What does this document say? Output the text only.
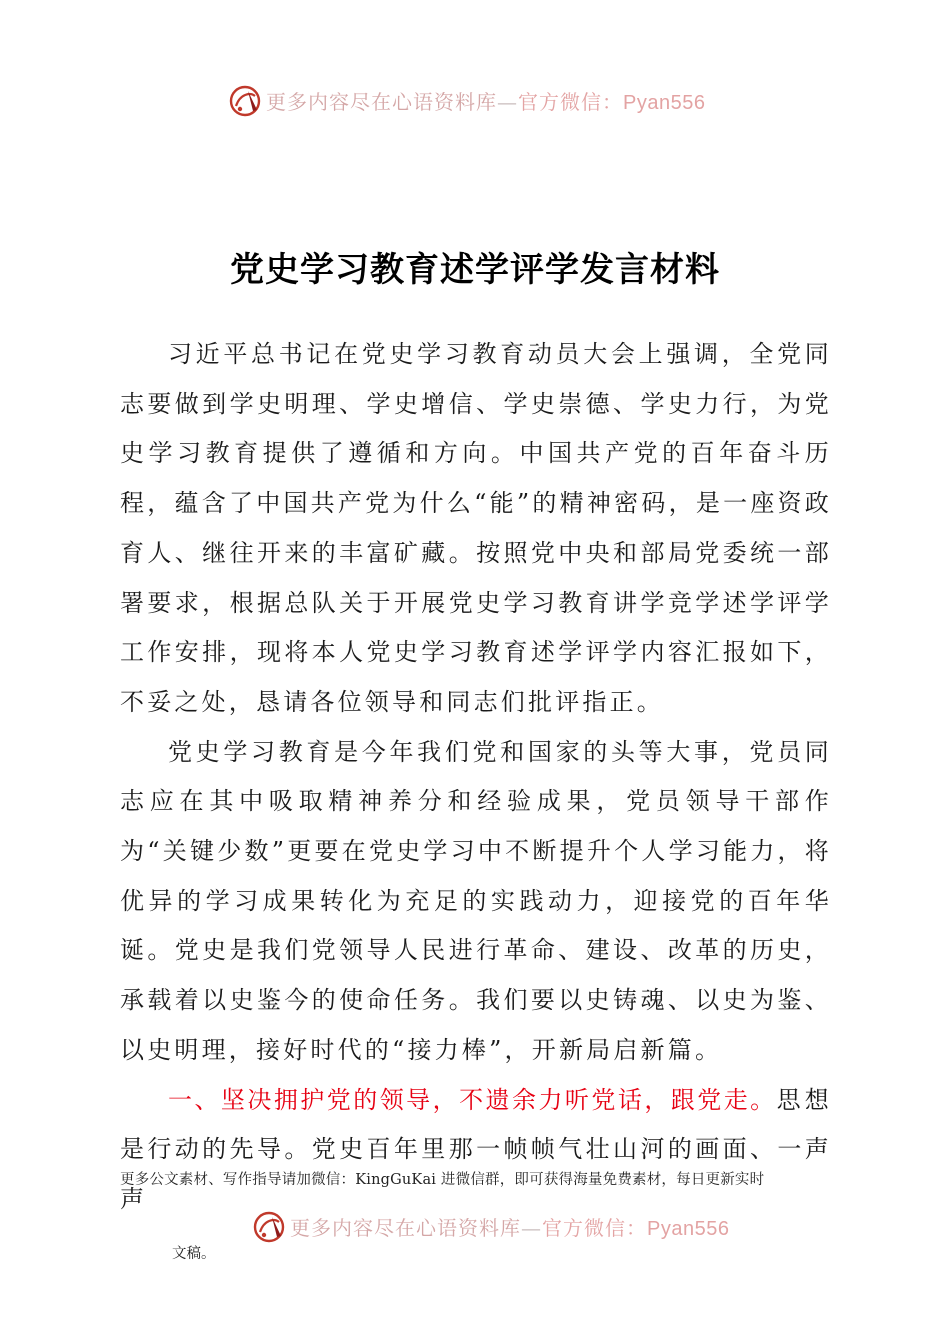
更多内容尽在心语资料库—官方微信：Pyan556
党史学习教育述学评学发言材料

习近平总书记在党史学习教育动员大会上强调，全党同志要做到学史明理、学史增信、学史崇德、学史力行，为党史学习教育提供了遵循和方向。中国共产党的百年奋斗历程，蕴含了中国共产党为什么“能”的精神密码，是一座资政育人、继往开来的丰富矿藏。按照党中央和部局党委统一部署要求，根据总队关于开展党史学习教育讲学竞学述学评学工作安排，现将本人党史学习教育述学评学内容汇报如下，不妥之处，恳请各位领导和同志们批评指正。

党史学习教育是今年我们党和国家的头等大事，党员同志应在其中吸取精神养分和经验成果，党员领导干部作为“关键少数”更要在党史学习中不断提升个人学习能力，将优异的学习成果转化为充足的实践动力，迎接党的百年华诞。党史是我们党领导人民进行革命、建设、改革的历史，承载着以史鉴今的使命任务。我们要以史铸魂、以史为鉴、以史明理，接好时代的“接力棒”，开新局启新篇。

一、坚决拥护党的领导，不遗余力听党话，跟党走。思想是行动的先导。党史百年里那一帧帧气壮山河的画面、一声声

更多公文素材、写作指导请加微信：KingGuKai 进微信群，即可获得海量免费素材，每日更新实时
更多内容尽在心语资料库—官方微信：Pyan556
文稿。
